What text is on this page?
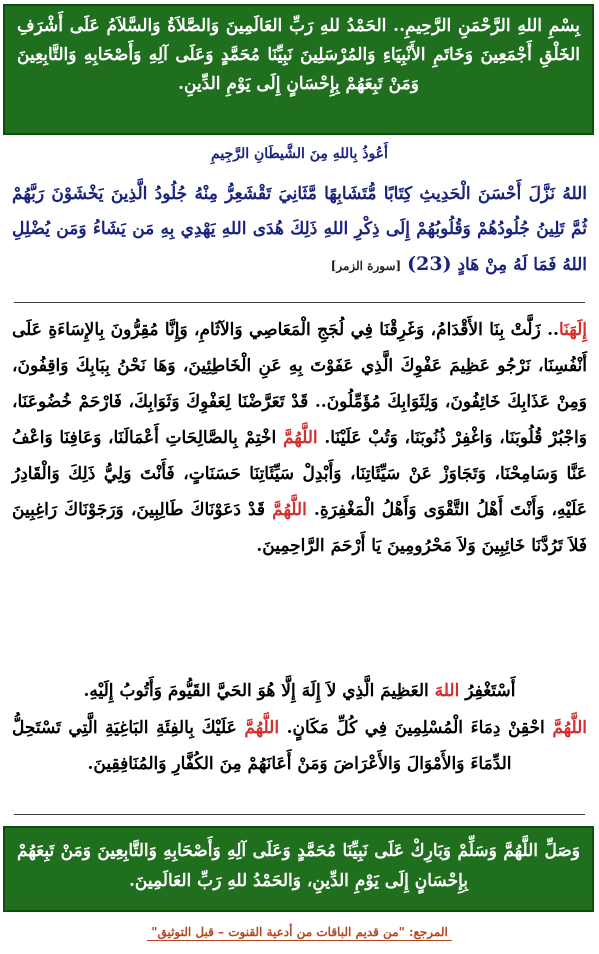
بِسْمِ اللهِ الرَّحْمَنِ الرَّحِيمِ.. الحَمْدُ للهِ رَبِّ العَالَمِينَ وَالصَّلاَةُ وَالسَّلاَمُ عَلَى أَشْرَفِ الخَلْقِ أَجْمَعِينَ وَخَاتَمِ الأَنْبِيَاءِ وَالمُرْسَلِينَ نَبِيِّنَا مُحَمَّدٍ وَعَلَى آلِهِ وَأَصْحَابِهِ وَالتَّابِعِينَ وَمَنْ تَبِعَهُمْ بِإِحْسَانٍ إِلَى يَوْمِ الدِّينِ.
أَعُوذُ بِاللهِ مِنَ الشَّيطَانِ الرَّجِيمِ
اللهُ نَزَّلَ أَحْسَنَ الْحَدِيثِ كِتَابًا مُّتَشَابِهًا مَّثَانِيَ تَقْشَعِرُّ مِنْهُ جُلُودُ الَّذِينَ يَخْشَوْنَ رَبَّهُمْ ثُمَّ تَلِينُ جُلُودُهُمْ وَقُلُوبُهُمْ إِلَى ذِكْرِ اللهِ ذَلِكَ هُدَى اللهِ يَهْدِي بِهِ مَن يَشَاءُ وَمَن يُضْلِلِ اللهُ فَمَا لَهُ مِنْ هَادٍ (23) [سورة الزمر]
إِلَهَنَا.. زَلَّتْ بِنَا الأَقْدَامُ، وَغَرِقْنَا فِي لُجَجِ الْمَعَاصِي وَالآثَامِ، وَإِنَّا مُقِرُّونَ بِالإِسَاءَةِ عَلَى أَنْفُسِنَا، نَرْجُو عَظِيمَ عَفْوِكَ الَّذِي عَفَوْتَ بِهِ عَنِ الْخَاطِئِينَ، وَهَا نَحْنُ بِبَابِكَ وَاقِفُونَ، وَمِنْ عَذَابِكَ خَائِفُونَ، وَلِثَوَابِكَ مُؤَمِّلُونَ.. قَدْ تَعَرَّضْنَا لِعَفْوِكَ وَثَوَابِكَ، فَارْحَمْ خُضُوعَنَا، وَاجْبُرْ قُلُوبَنَا، وَاغْفِرْ ذُنُوبَنَا، وَتُبْ عَلَيْنَا. اللَّهُمَّ اخْتِمْ بِالصَّالِحَاتِ أَعْمَالَنَا، وَعَافِنَا وَاعْفُ عَنَّا وَسَامِحْنَا، وَتَجَاوَزْ عَنْ سَيِّئَاتِنَا، وَأَبْدِلْ سَيِّئَاتِنَا حَسَنَاتٍ، فَأَنْتَ وَلِيُّ ذَلِكَ وَالْقَادِرُ عَلَيْهِ، وَأَنْتَ أَهْلُ التَّقْوَى وَأَهْلُ الْمَغْفِرَةِ. اللَّهُمَّ قَدْ دَعَوْنَاكَ طَالِبِينَ، وَرَجَوْنَاكَ رَاغِبِينَ فَلاَ تَرُدَّنَا خَائِبِينَ وَلاَ مَحْرُومِينَ يَا أَرْحَمَ الرَّاحِمِينَ.
أَسْتَغْفِرُ اللهَ العَظِيمَ الَّذِي لاَ إِلَهَ إِلَّا هُوَ الحَيَّ القَيُّومَ وَأَتُوبُ إِلَيْهِ.
اللَّهُمَّ احْقِنْ دِمَاءَ الْمُسْلِمِينَ فِي كُلِّ مَكَانٍ. اللَّهُمَّ عَلَيْكَ بِالفِئَةِ البَاغِيَةِ الَّتِي تَسْتَحِلُّ الدِّمَاءَ وَالأَمْوَالَ وَالأَعْرَاضَ وَمَنْ أَعَانَهُمْ مِنَ الكُفَّارِ وَالمُنَافِقِينَ.
وَصَلِّ اللَّهُمَّ وَسَلِّمْ وَبَارِكْ عَلَى نَبِيِّنَا مُحَمَّدٍ وَعَلَى آلِهِ وَأَصْحَابِهِ وَالتَّابِعِينَ وَمَنْ تَبِعَهُمْ بِإِحْسَانٍ إِلَى يَوْمِ الدِّينِ، وَالحَمْدُ للهِ رَبِّ العَالَمِينَ.
المرجع: "من قديم الباقات من أدعية القنوت – قبل التوثيق"
